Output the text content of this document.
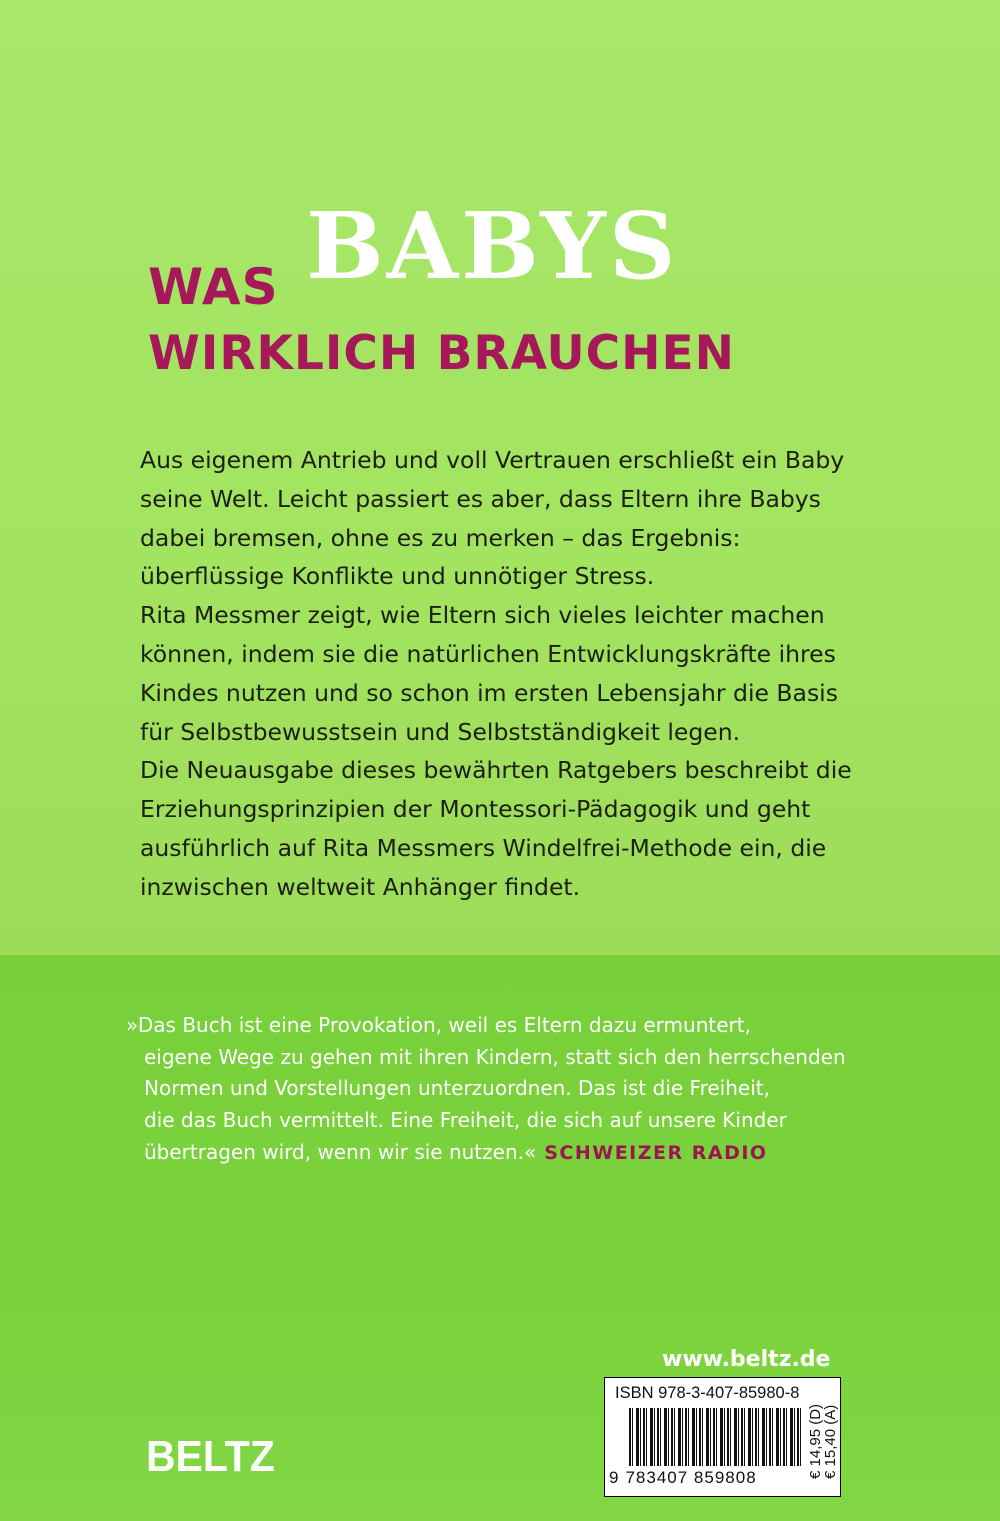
WAS BABYS
WIRKLICH BRAUCHEN

Aus eigenem Antrieb und voll Vertrauen erschließt ein Baby seine Welt. Leicht passiert es aber, dass Eltern ihre Babys dabei bremsen, ohne es zu merken – das Ergebnis: überflüssige Konflikte und unnötiger Stress.

Rita Messmer zeigt, wie Eltern sich vieles leichter machen können, indem sie die natürlichen Entwicklungskräfte ihres Kindes nutzen und so schon im ersten Lebensjahr die Basis für Selbstbewusstsein und Selbstständigkeit legen.

Die Neuausgabe dieses bewährten Ratgebers beschreibt die Erziehungsprinzipien der Montessori-Pädagogik und geht ausführlich auf Rita Messmers Windelfrei-Methode ein, die inzwischen weltweit Anhänger findet.

»Das Buch ist eine Provokation, weil es Eltern dazu ermuntert,
eigene Wege zu gehen mit ihren Kindern, statt sich den herrschenden
Normen und Vorstellungen unterzuordnen. Das ist die Freiheit,
die das Buch vermittelt. Eine Freiheit, die sich auf unsere Kinder
übertragen wird, wenn wir sie nutzen.« SCHWEIZER RADIO
www.beltz.de
ISBN 978-3-407-85980-8
9 783407 859808	€ 14,95 (D)
€ 15,40 (A)
BELTZ
